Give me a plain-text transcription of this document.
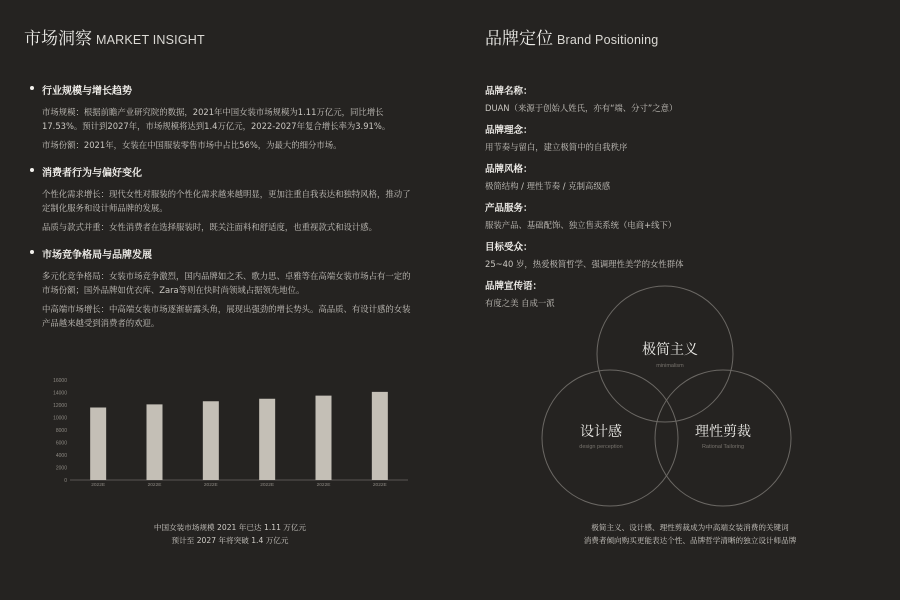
市场洞察 MARKET INSIGHT
行业规模与增长趋势

市场规模：根据前瞻产业研究院的数据，2021年中国女装市场规模为1.11万亿元，同比增长17.53%。预计到2027年，市场规模将达到1.4万亿元，2022-2027年复合增长率为3.91%。

市场份额：2021年，女装在中国服装零售市场中占比56%，为最大的细分市场。

消费者行为与偏好变化

个性化需求增长：现代女性对服装的个性化需求越来越明显，更加注重自我表达和独特风格，推动了定制化服务和设计师品牌的发展。

品质与款式并重：女性消费者在选择服装时，既关注面料和舒适度，也重视款式和设计感。

市场竞争格局与品牌发展

多元化竞争格局：女装市场竞争激烈，国内品牌如之禾、歌力思、卓雅等在高端女装市场占有一定的市场份额；国外品牌如优衣库、Zara等则在快时尚领域占据领先地位。

中高端市场增长：中高端女装市场逐渐崭露头角，展现出强劲的增长势头。高品质、有设计感的女装产品越来越受到消费者的欢迎。

0
2000
4000
6000
8000
10000
12000
14000
16000
2022E	2022E	2022E	2022E	2022E	2022E
中国女装市场规模 2021 年已达 1.11 万亿元
预计至 2027 年将突破 1.4 万亿元
品牌定位 Brand Positioning
品牌名称：
DUAN（来源于创始人姓氏，亦有“端、分寸”之意）
品牌理念：
用节奏与留白，建立极简中的自我秩序
品牌风格：
极简结构 / 理性节奏 / 克制高级感
产品服务：
服装产品、基础配饰、独立售卖系统（电商+线下）
目标受众：
25~40 岁，热爱极简哲学、强调理性美学的女性群体
品牌宣传语：
有度之美 自成一派
极简主义
minimalism
设计感
design perception
理性剪裁
Rational Tailoring
极简主义、设计感、理性剪裁成为中高端女装消费的关键词
消费者倾向购买更能表达个性、品牌哲学清晰的独立设计师品牌
